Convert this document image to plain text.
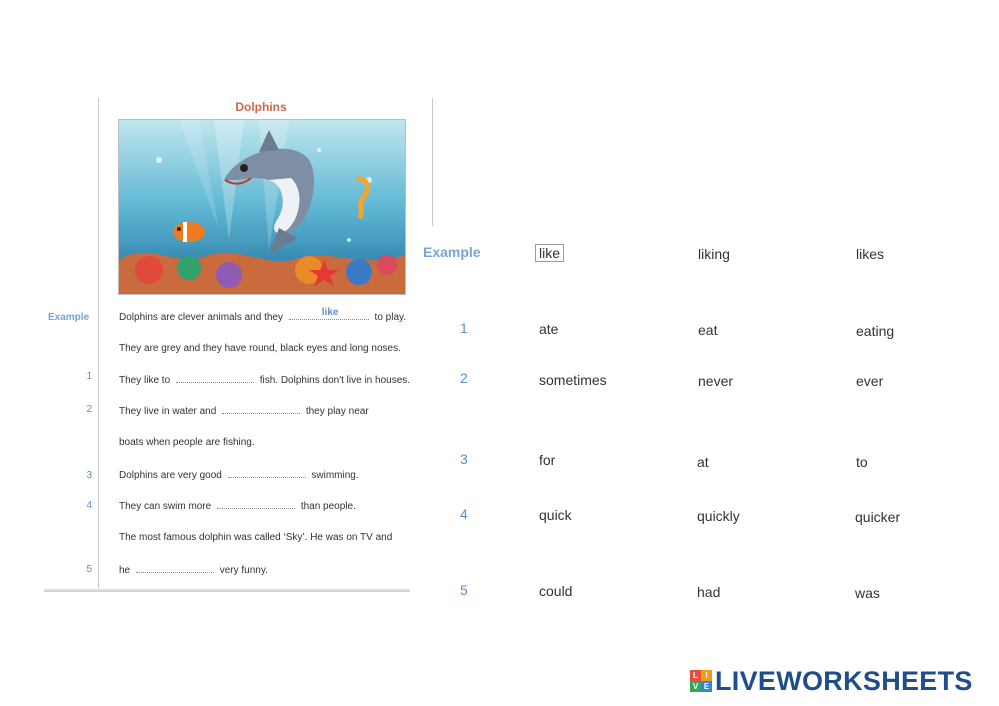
Dolphins
Example	Dolphins are clever animals and they	like	to play.
They are grey and they have round, black eyes and long noses.
1	They like to	fish. Dolphins don't live in houses.
2	They live in water and	they play near
boats when people are fishing.
3	Dolphins are very good	swimming.
4	They can swim more	than people.
The most famous dolphin was called ‘Sky’. He was on TV and
5	he	very funny.
Example	like	liking	likes
1	ate	eat	eating
2	sometimes	never	ever
3	for	at	to
4	quick	quickly	quicker
5	could	had	was
L I
V E LIVEWORKSHEETS
